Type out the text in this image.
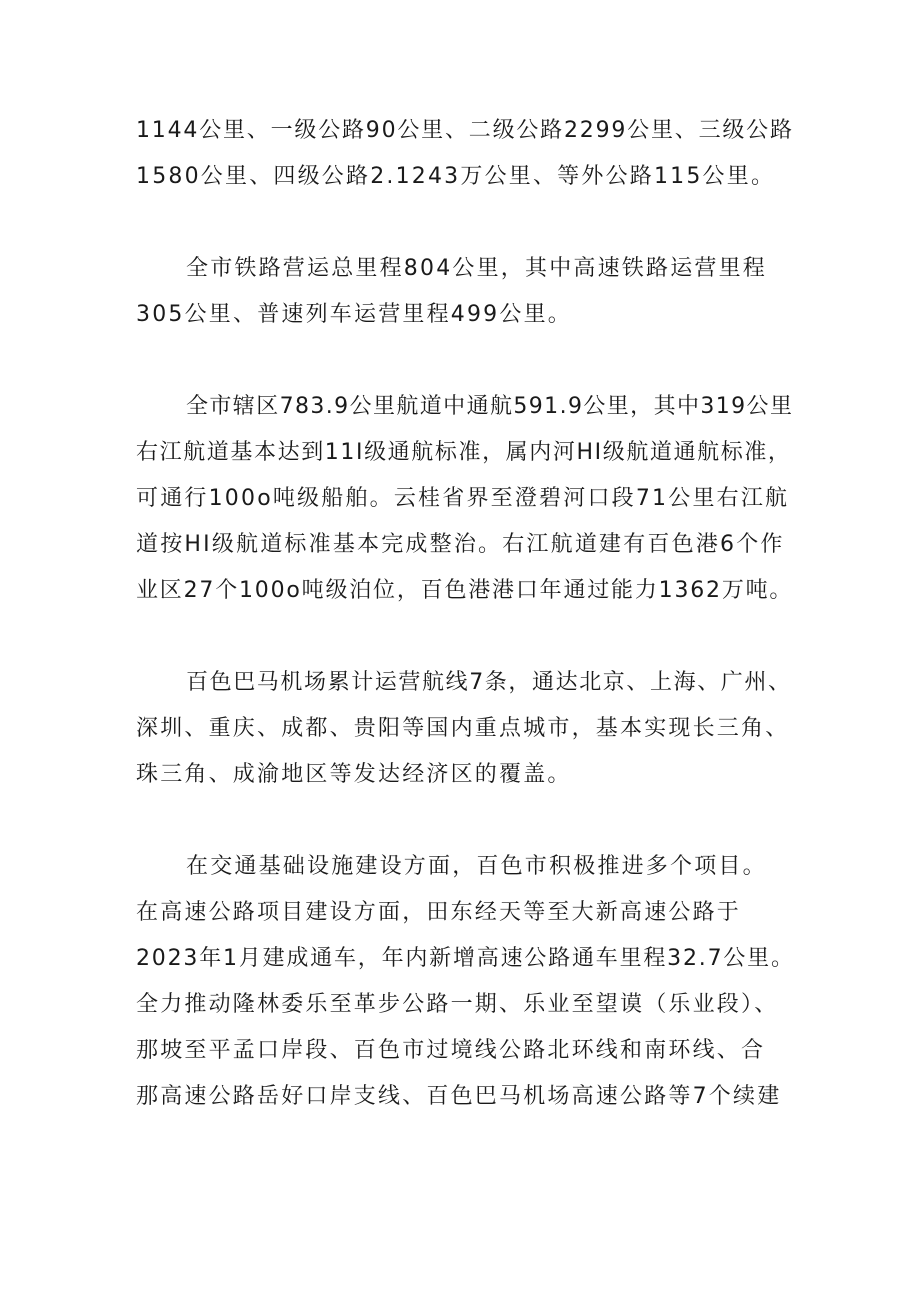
1144公里、一级公路90公里、二级公路2299公里、三级公路
1580公里、四级公路2.1243万公里、等外公路115公里。

全市铁路营运总里程804公里，其中高速铁路运营里程
305公里、普速列车运营里程499公里。

全市辖区783.9公里航道中通航591.9公里，其中319公里
右江航道基本达到11I级通航标准，属内河HI级航道通航标准，
可通行100o吨级船舶。云桂省界至澄碧河口段71公里右江航
道按HI级航道标准基本完成整治。右江航道建有百色港6个作
业区27个100o吨级泊位，百色港港口年通过能力1362万吨。

百色巴马机场累计运营航线7条，通达北京、上海、广州、
深圳、重庆、成都、贵阳等国内重点城市，基本实现长三角、
珠三角、成渝地区等发达经济区的覆盖。

在交通基础设施建设方面，百色市积极推进多个项目。
在高速公路项目建设方面，田东经天等至大新高速公路于
2023年1月建成通车，年内新增高速公路通车里程32.7公里。
全力推动隆林委乐至革步公路一期、乐业至望谟（乐业段）、
那坡至平孟口岸段、百色市过境线公路北环线和南环线、合
那高速公路岳好口岸支线、百色巴马机场高速公路等7个续建
